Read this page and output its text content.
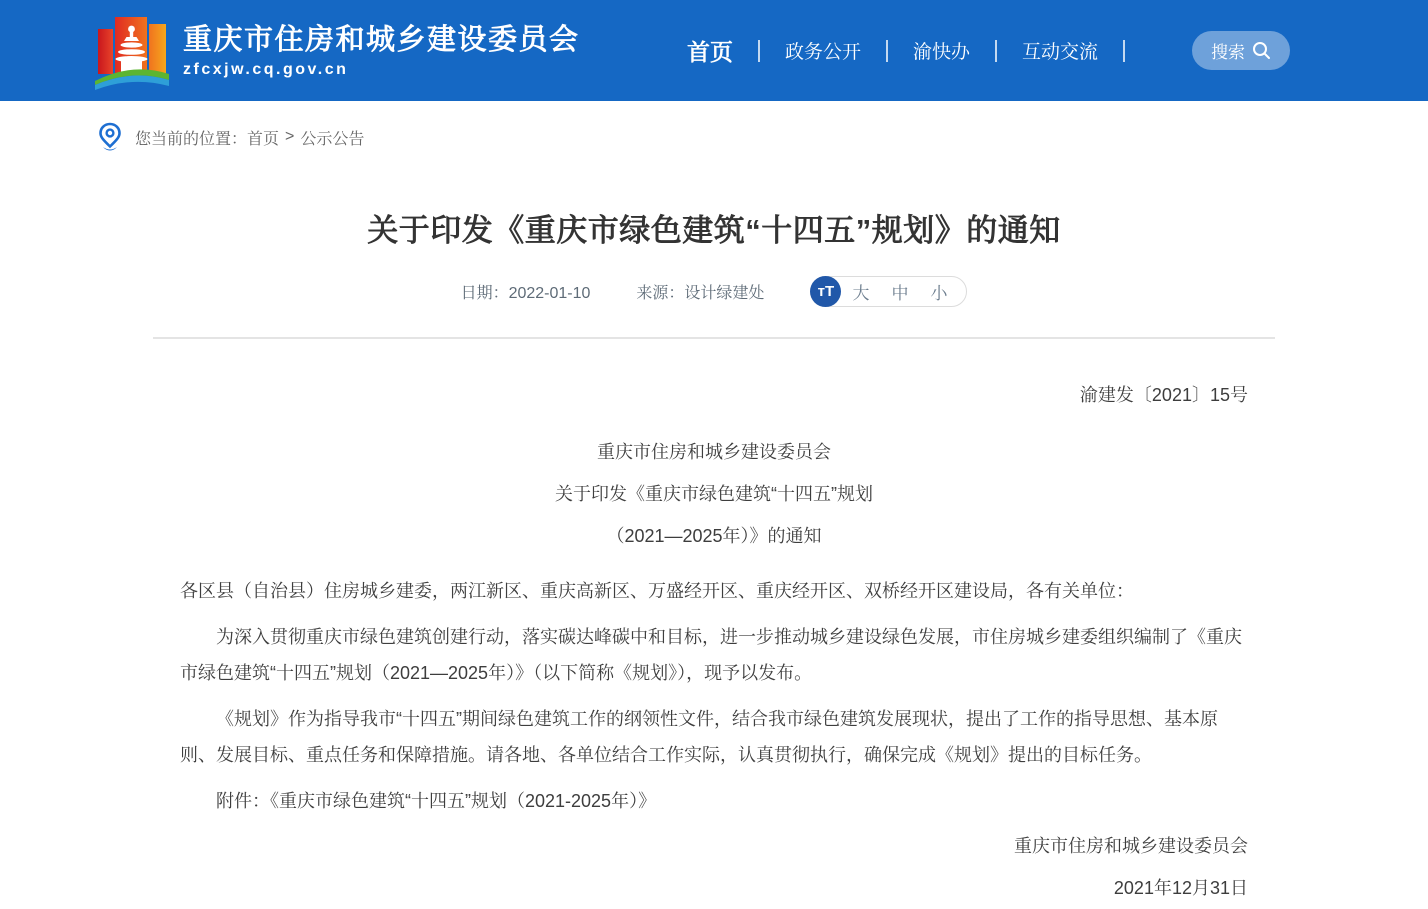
重庆市住房和城乡建设委员会
zfcxjw.cq.gov.cn
首页	政务公开	渝快办	互动交流	搜索
您当前的位置： 首页 > 公示公告
关于印发《重庆市绿色建筑“十四五”规划》的通知
日期：2022-01-10	来源：设计绿建处	тT	大	中	小
渝建发〔2021〕15号
重庆市住房和城乡建设委员会
关于印发《重庆市绿色建筑“十四五”规划
（2021—2025年）》的通知

各区县（自治县）住房城乡建委，两江新区、重庆高新区、万盛经开区、重庆经开区、双桥经开区建设局，各有关单位：

为深入贯彻重庆市绿色建筑创建行动，落实碳达峰碳中和目标，进一步推动城乡建设绿色发展，市住房城乡建委组织编制了《重庆市绿色建筑“十四五”规划（2021—2025年）》（以下简称《规划》），现予以发布。

《规划》作为指导我市“十四五”期间绿色建筑工作的纲领性文件，结合我市绿色建筑发展现状，提出了工作的指导思想、基本原则、发展目标、重点任务和保障措施。请各地、各单位结合工作实际，认真贯彻执行，确保完成《规划》提出的目标任务。

附件：《重庆市绿色建筑“十四五”规划（2021-2025年）》

重庆市住房和城乡建设委员会
2021年12月31日
